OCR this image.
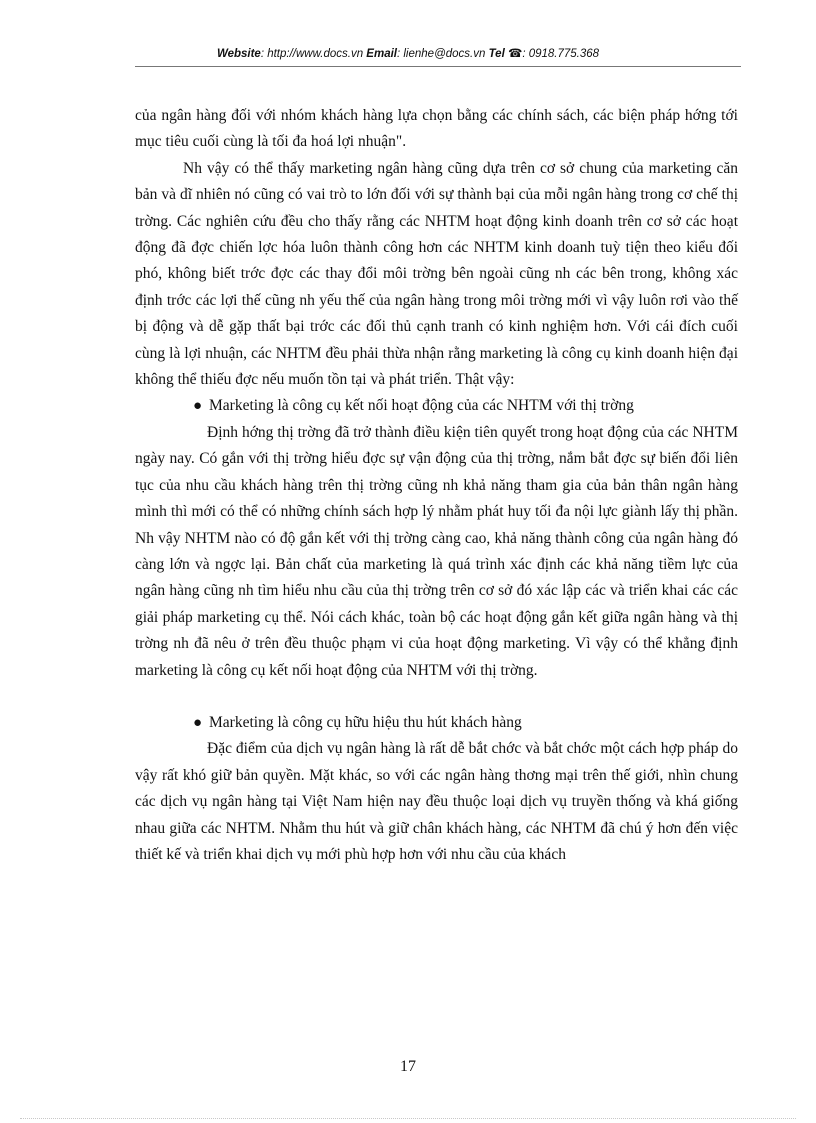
Website: http://www.docs.vn Email: lienhe@docs.vn Tel ☎: 0918.775.368

của ngân hàng đối với nhóm khách hàng lựa chọn bằng các chính sách, các biện pháp hớng tới mục tiêu cuối cùng là tối đa hoá lợi nhuận".

Nh vậy có thể thấy marketing ngân hàng cũng dựa trên cơ sở chung của marketing căn bản và dĩ nhiên nó cũng có vai trò to lớn đối với sự thành bại của mỗi ngân hàng trong cơ chế thị trờng. Các nghiên cứu đều cho thấy rằng các NHTM hoạt động kinh doanh trên cơ sở các hoạt động đã đợc chiến lợc hóa luôn thành công hơn các NHTM kinh doanh tuỳ tiện theo kiểu đối phó, không biết trớc đợc các thay đổi môi trờng bên ngoài cũng nh các bên trong, không xác định trớc các lợi thế cũng nh yếu thế của ngân hàng trong môi trờng mới vì vậy luôn rơi vào thế bị động và dễ gặp thất bại trớc các đối thủ cạnh tranh có kinh nghiệm hơn. Với cái đích cuối cùng là lợi nhuận, các NHTM đều phải thừa nhận rằng marketing là công cụ kinh doanh hiện đại không thể thiếu đợc nếu muốn tồn tại và phát triển. Thật vậy:

● Marketing là công cụ kết nối hoạt động của các NHTM với thị trờng

Định hớng thị trờng đã trở thành điều kiện tiên quyết trong hoạt động của các NHTM ngày nay. Có gắn với thị trờng hiểu đợc sự vận động của thị trờng, nắm bắt đợc sự biến đổi liên tục của nhu cầu khách hàng trên thị trờng cũng nh khả năng tham gia của bản thân ngân hàng mình thì mới có thể có những chính sách hợp lý nhằm phát huy tối đa nội lực giành lấy thị phần. Nh vậy NHTM nào có độ gắn kết với thị trờng càng cao, khả năng thành công của ngân hàng đó càng lớn và ngợc lại. Bản chất của marketing là quá trình xác định các khả năng tiềm lực của ngân hàng cũng nh tìm hiểu nhu cầu của thị trờng trên cơ sở đó xác lập các và triển khai các các giải pháp marketing cụ thể. Nói cách khác, toàn bộ các hoạt động gắn kết giữa ngân hàng và thị trờng nh đã nêu ở trên đều thuộc phạm vi của hoạt động marketing. Vì vậy có thể khẳng định marketing là công cụ kết nối hoạt động của NHTM với thị trờng.

● Marketing là công cụ hữu hiệu thu hút khách hàng

Đặc điểm của dịch vụ ngân hàng là rất dễ bắt chớc và bắt chớc một cách hợp pháp do vậy rất khó giữ bản quyền. Mặt khác, so với các ngân hàng thơng mại trên thế giới, nhìn chung các dịch vụ ngân hàng tại Việt Nam hiện nay đều thuộc loại dịch vụ truyền thống và khá giống nhau giữa các NHTM. Nhằm thu hút và giữ chân khách hàng, các NHTM đã chú ý hơn đến việc thiết kế và triển khai dịch vụ mới phù hợp hơn với nhu cầu của khách

17
